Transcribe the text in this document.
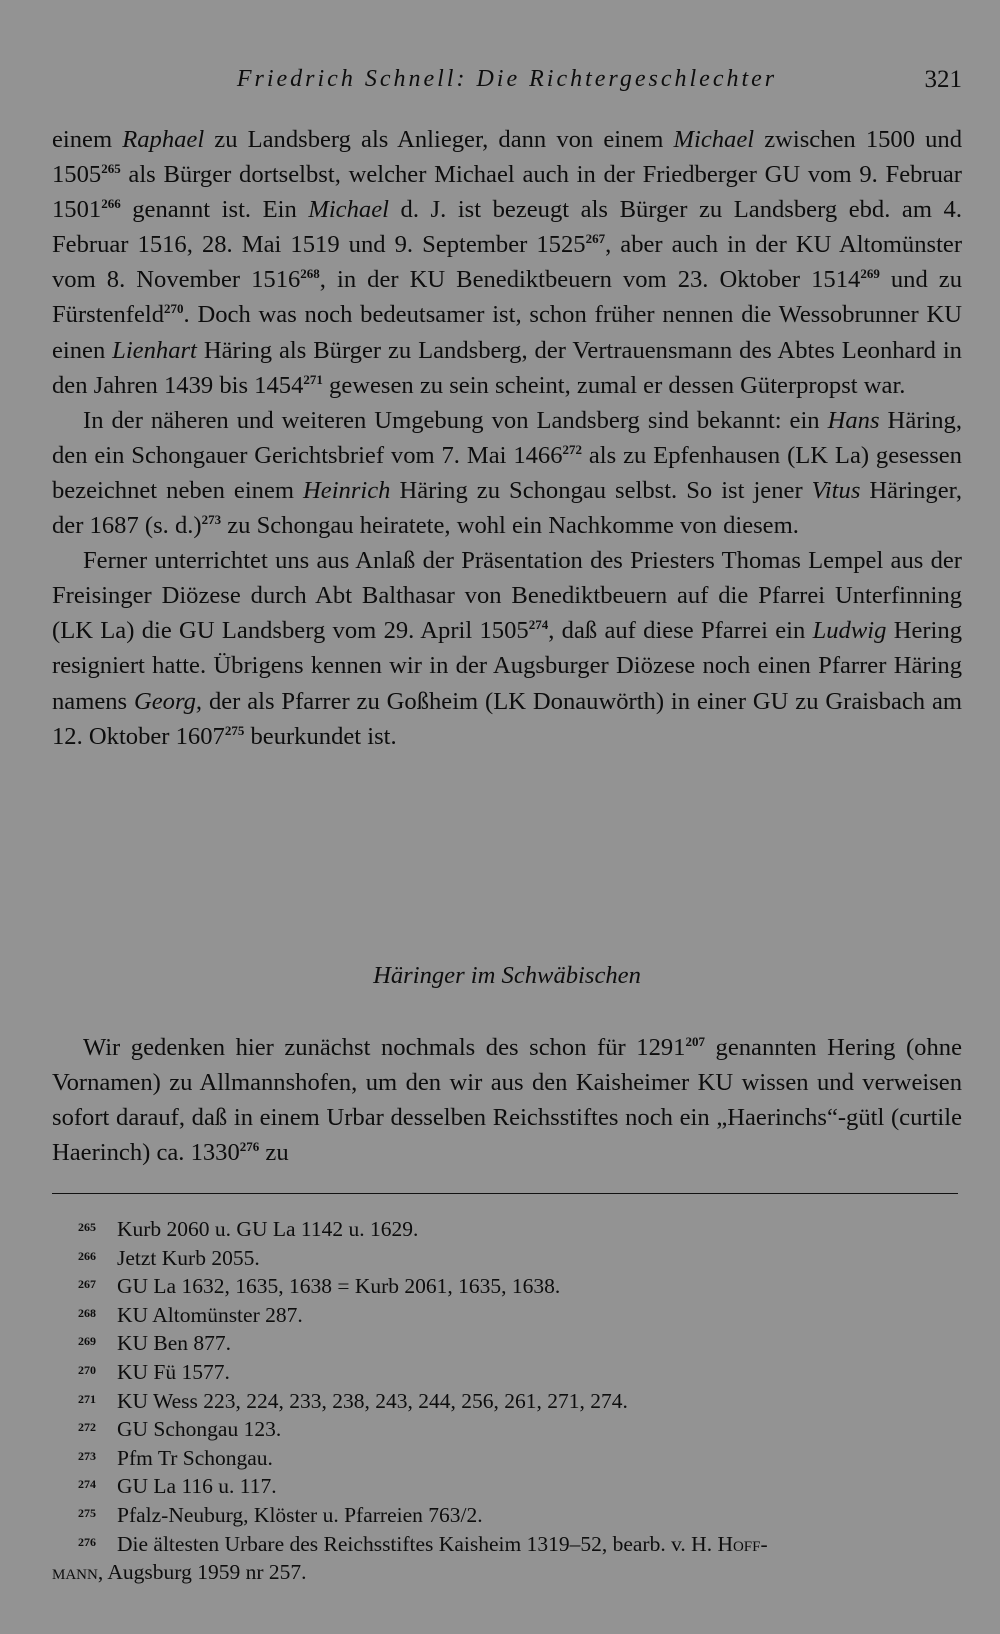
Friedrich Schnell: Die Richtergeschlechter	321

einem Raphael zu Landsberg als Anlieger, dann von einem Michael zwischen 1500 und 1505$^{265}$ als Bürger dortselbst, welcher Michael auch in der Friedberger GU vom 9. Februar 1501$^{266}$ genannt ist. Ein Michael d. J. ist bezeugt als Bürger zu Landsberg ebd. am 4. Februar 1516, 28. Mai 1519 und 9. September 1525$^{267}$, aber auch in der KU Altomünster vom 8. November 1516$^{268}$, in der KU Benediktbeuern vom 23. Oktober 1514$^{269}$ und zu Fürstenfeld$^{270}$. Doch was noch bedeutsamer ist, schon früher nennen die Wessobrunner KU einen Lienhart Häring als Bürger zu Landsberg, der Vertrauensmann des Abtes Leonhard in den Jahren 1439 bis 1454$^{271}$ gewesen zu sein scheint, zumal er dessen Güterpropst war.

In der näheren und weiteren Umgebung von Landsberg sind bekannt: ein Hans Häring, den ein Schongauer Gerichtsbrief vom 7. Mai 1466$^{272}$ als zu Epfenhausen (LK La) gesessen bezeichnet neben einem Heinrich Häring zu Schongau selbst. So ist jener Vitus Häringer, der 1687 (s. d.)$^{273}$ zu Schongau heiratete, wohl ein Nachkomme von diesem.

Ferner unterrichtet uns aus Anlaß der Präsentation des Priesters Thomas Lempel aus der Freisinger Diözese durch Abt Balthasar von Benediktbeuern auf die Pfarrei Unterfinning (LK La) die GU Landsberg vom 29. April 1505$^{274}$, daß auf diese Pfarrei ein Ludwig Hering resigniert hatte. Übrigens kennen wir in der Augsburger Diözese noch einen Pfarrer Häring namens Georg, der als Pfarrer zu Goßheim (LK Donauwörth) in einer GU zu Graisbach am 12. Oktober 1607$^{275}$ beurkundet ist.

Häringer im Schwäbischen

Wir gedenken hier zunächst nochmals des schon für 1291$^{207}$ genannten Hering (ohne Vornamen) zu Allmannshofen, um den wir aus den Kaisheimer KU wissen und verweisen sofort darauf, daß in einem Urbar desselben Reichsstiftes noch ein „Haerinchs“-gütl (curtile Haerinch) ca. 1330$^{276}$ zu

265 Kurb 2060 u. GU La 1142 u. 1629.
266 Jetzt Kurb 2055.
267 GU La 1632, 1635, 1638 = Kurb 2061, 1635, 1638.
268 KU Altomünster 287.
269 KU Ben 877.
270 KU Fü 1577.
271 KU Wess 223, 224, 233, 238, 243, 244, 256, 261, 271, 274.
272 GU Schongau 123.
273 Pfm Tr Schongau.
274 GU La 116 u. 117.
275 Pfalz-Neuburg, Klöster u. Pfarreien 763/2.
276 Die ältesten Urbare des Reichsstiftes Kaisheim 1319–52, bearb. v. H. Hoff-
mann, Augsburg 1959 nr 257.
